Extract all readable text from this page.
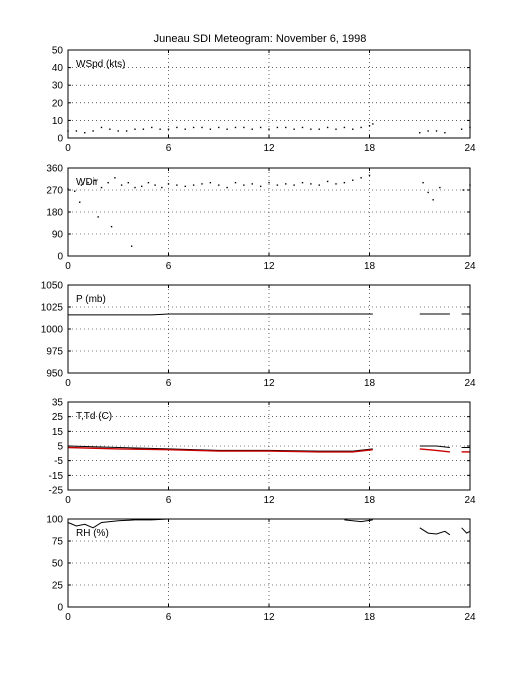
Juneau SDI Meteogram: November 6, 1998
0	6	12	18	24
0
10
20
30
40
50
WSpd (kts)
0	6	12	18	24
0
90
180
270
360
WDir
0	6	12	18	24
950
975
1000
1025
1050
P (mb)
0	6	12	18	24
-25
-15
-5
5
15
25
35
T,Td (C)
0	6	12	18	24
0
25
50
75
100
RH (%)
